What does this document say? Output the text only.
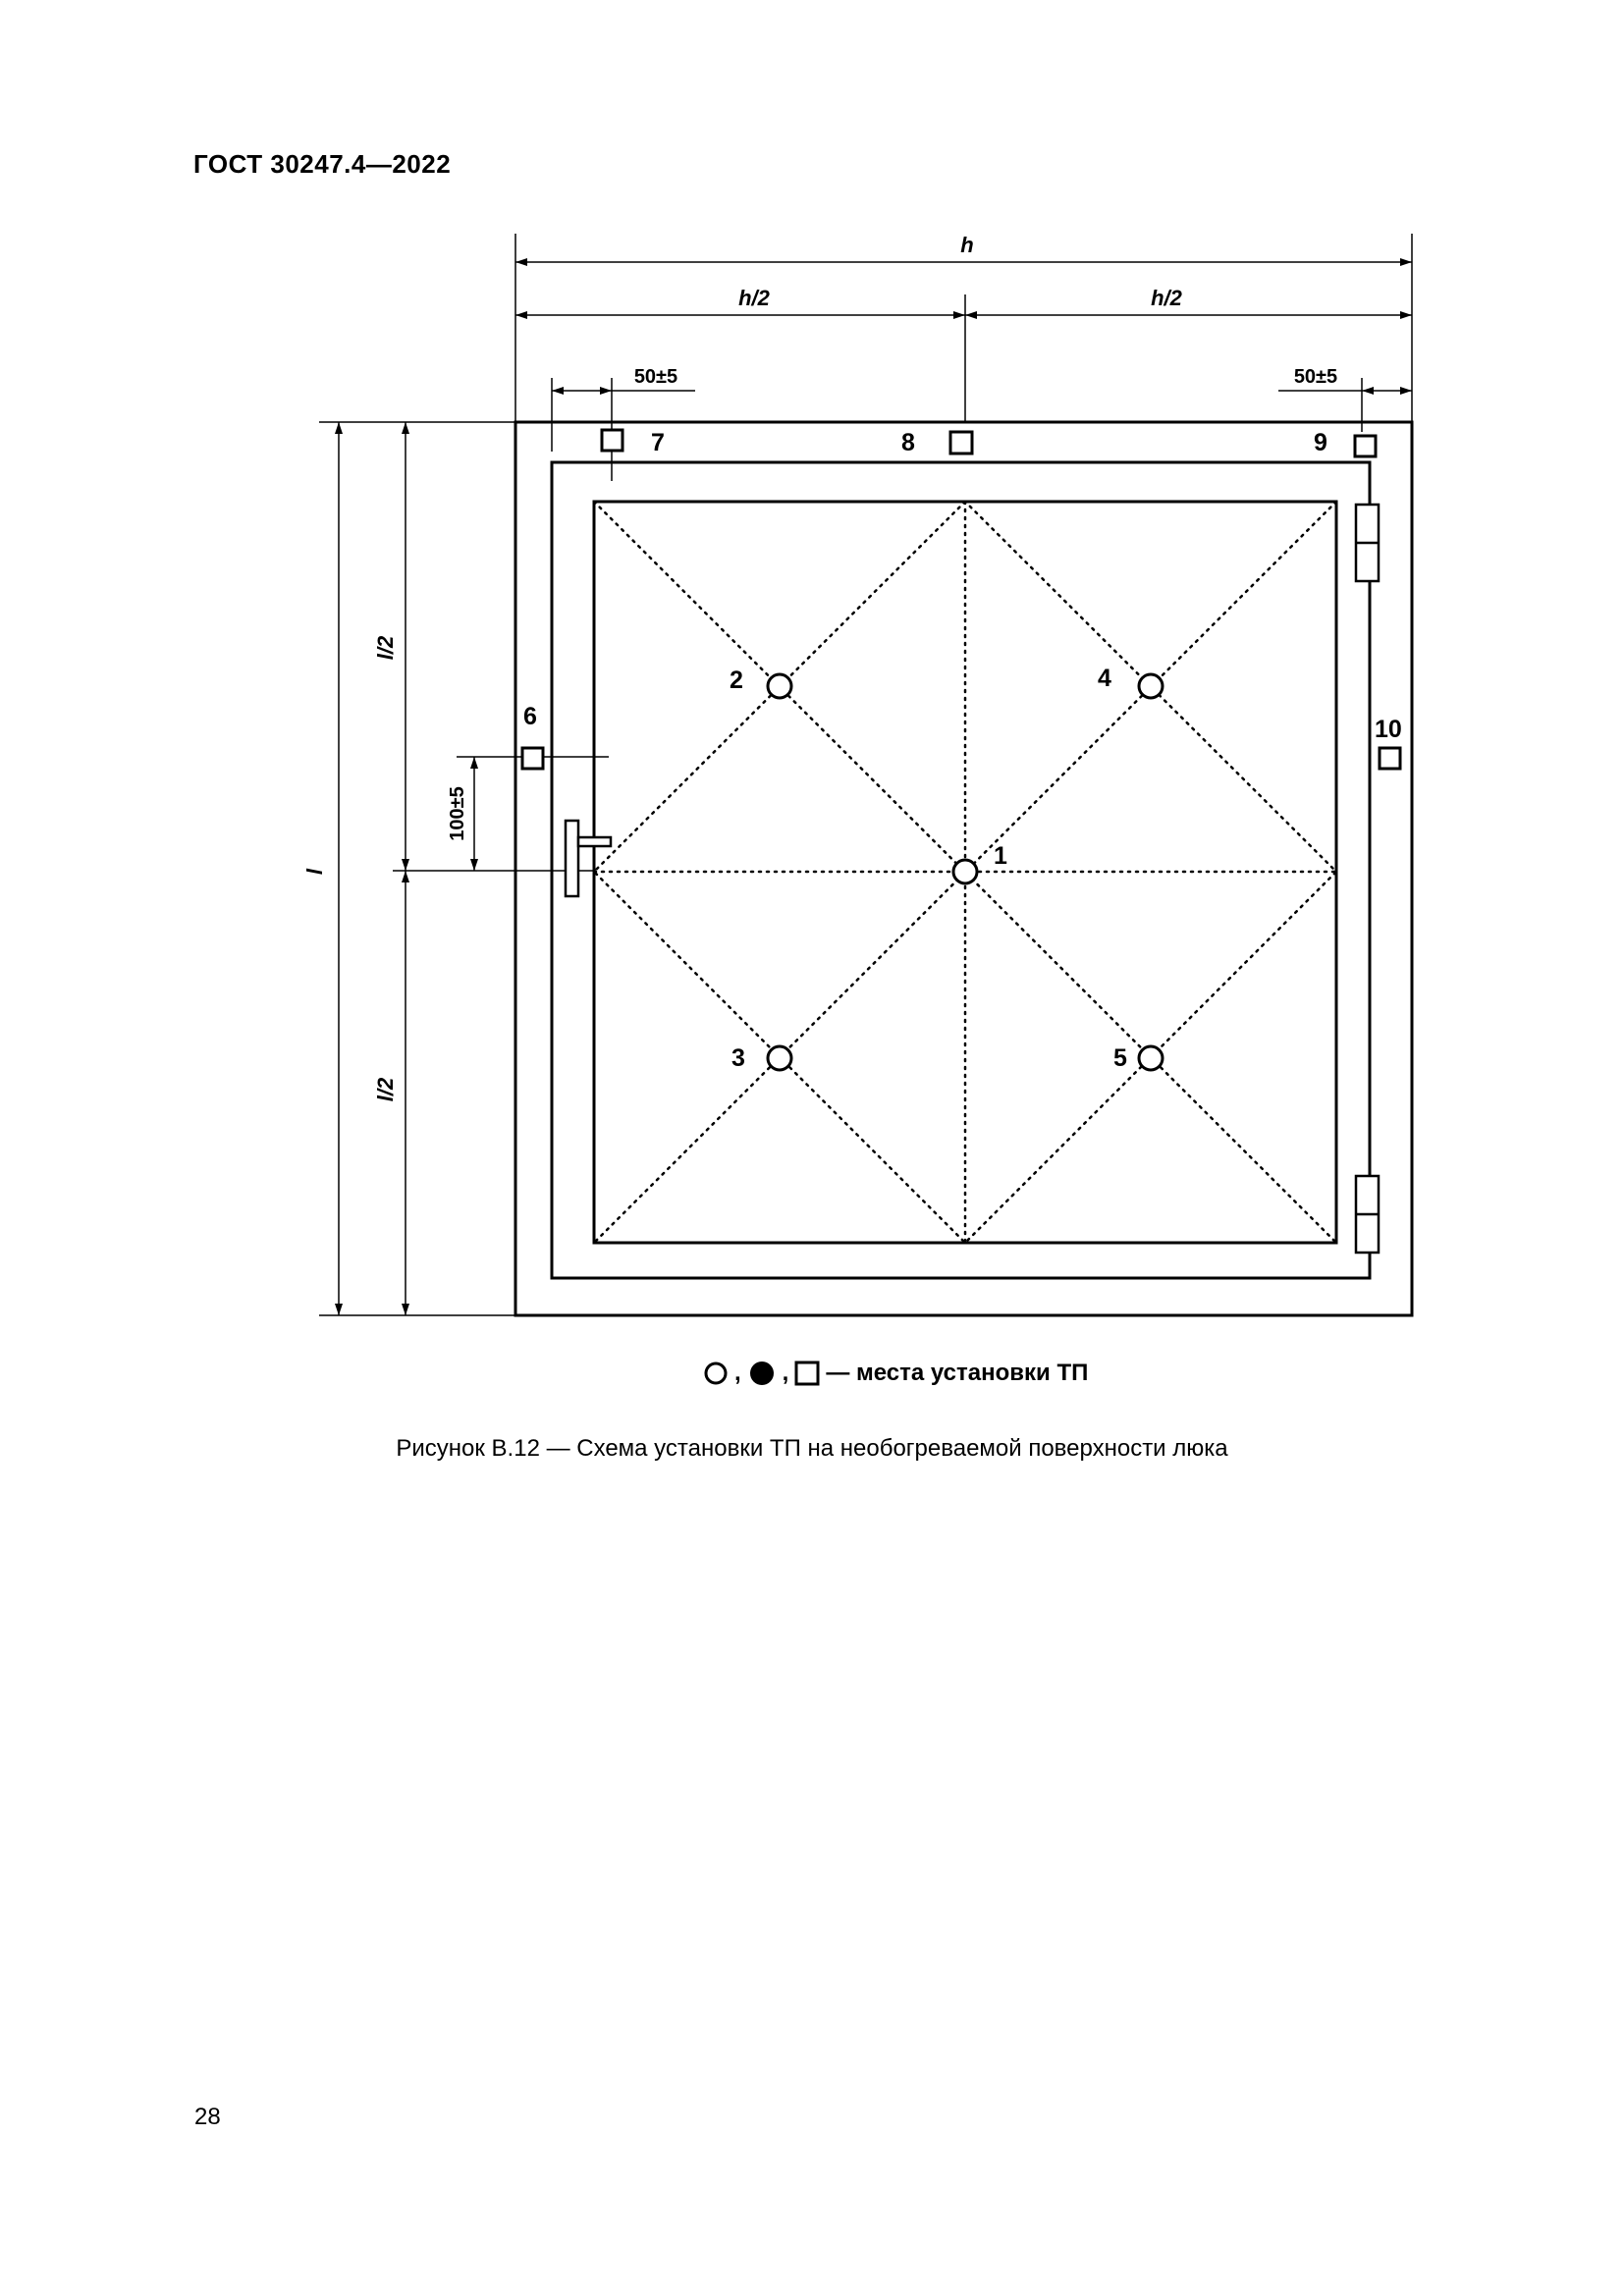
ГОСТ 30247.4—2022
h
h/2	h/2
50±5	50±5
l
l/2
l/2
100±5
1
2
3
4
5
6
7	8	9
10
, , — места установки ТП
Рисунок В.12 — Схема установки ТП на необогреваемой поверхности люка
28
